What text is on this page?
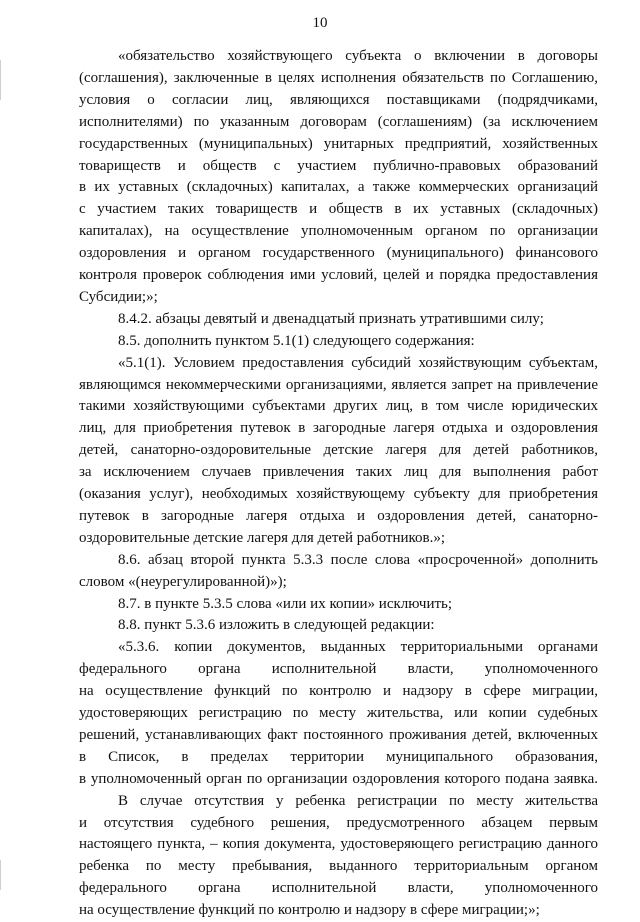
10
«обязательство хозяйствующего субъекта о включении в договоры
(соглашения), заключенные в целях исполнения обязательств по Соглашению,
условия о согласии лиц, являющихся поставщиками (подрядчиками,
исполнителями) по указанным договорам (соглашениям) (за исключением
государственных (муниципальных) унитарных предприятий, хозяйственных
товариществ и обществ с участием публично-правовых образований
в их уставных (складочных) капиталах, а также коммерческих организаций
с участием таких товариществ и обществ в их уставных (складочных)
капиталах), на осуществление уполномоченным органом по организации
оздоровления и органом государственного (муниципального) финансового
контроля проверок соблюдения ими условий, целей и порядка предоставления
Субсидии;»;
8.4.2. абзацы девятый и двенадцатый признать утратившими силу;
8.5. дополнить пунктом 5.1(1) следующего содержания:
«5.1(1). Условием предоставления субсидий хозяйствующим субъектам,
являющимся некоммерческими организациями, является запрет на привлечение
такими хозяйствующими субъектами других лиц, в том числе юридических
лиц, для приобретения путевок в загородные лагеря отдыха и оздоровления
детей, санаторно-оздоровительные детские лагеря для детей работников,
за исключением случаев привлечения таких лиц для выполнения работ
(оказания услуг), необходимых хозяйствующему субъекту для приобретения
путевок в загородные лагеря отдыха и оздоровления детей, санаторно-
оздоровительные детские лагеря для детей работников.»;
8.6. абзац второй пункта 5.3.3 после слова «просроченной» дополнить
словом «(неурегулированной)»);
8.7. в пункте 5.3.5 слова «или их копии» исключить;
8.8. пункт 5.3.6 изложить в следующей редакции:
«5.3.6. копии документов, выданных территориальными органами
федерального органа исполнительной власти, уполномоченного
на осуществление функций по контролю и надзору в сфере миграции,
удостоверяющих регистрацию по месту жительства, или копии судебных
решений, устанавливающих факт постоянного проживания детей, включенных
в Список, в пределах территории муниципального образования,
в уполномоченный орган по организации оздоровления которого подана заявка.
В случае отсутствия у ребенка регистрации по месту жительства
и отсутствия судебного решения, предусмотренного абзацем первым
настоящего пункта, – копия документа, удостоверяющего регистрацию данного
ребенка по месту пребывания, выданного территориальным органом
федерального органа исполнительной власти, уполномоченного
на осуществление функций по контролю и надзору в сфере миграции;»;
